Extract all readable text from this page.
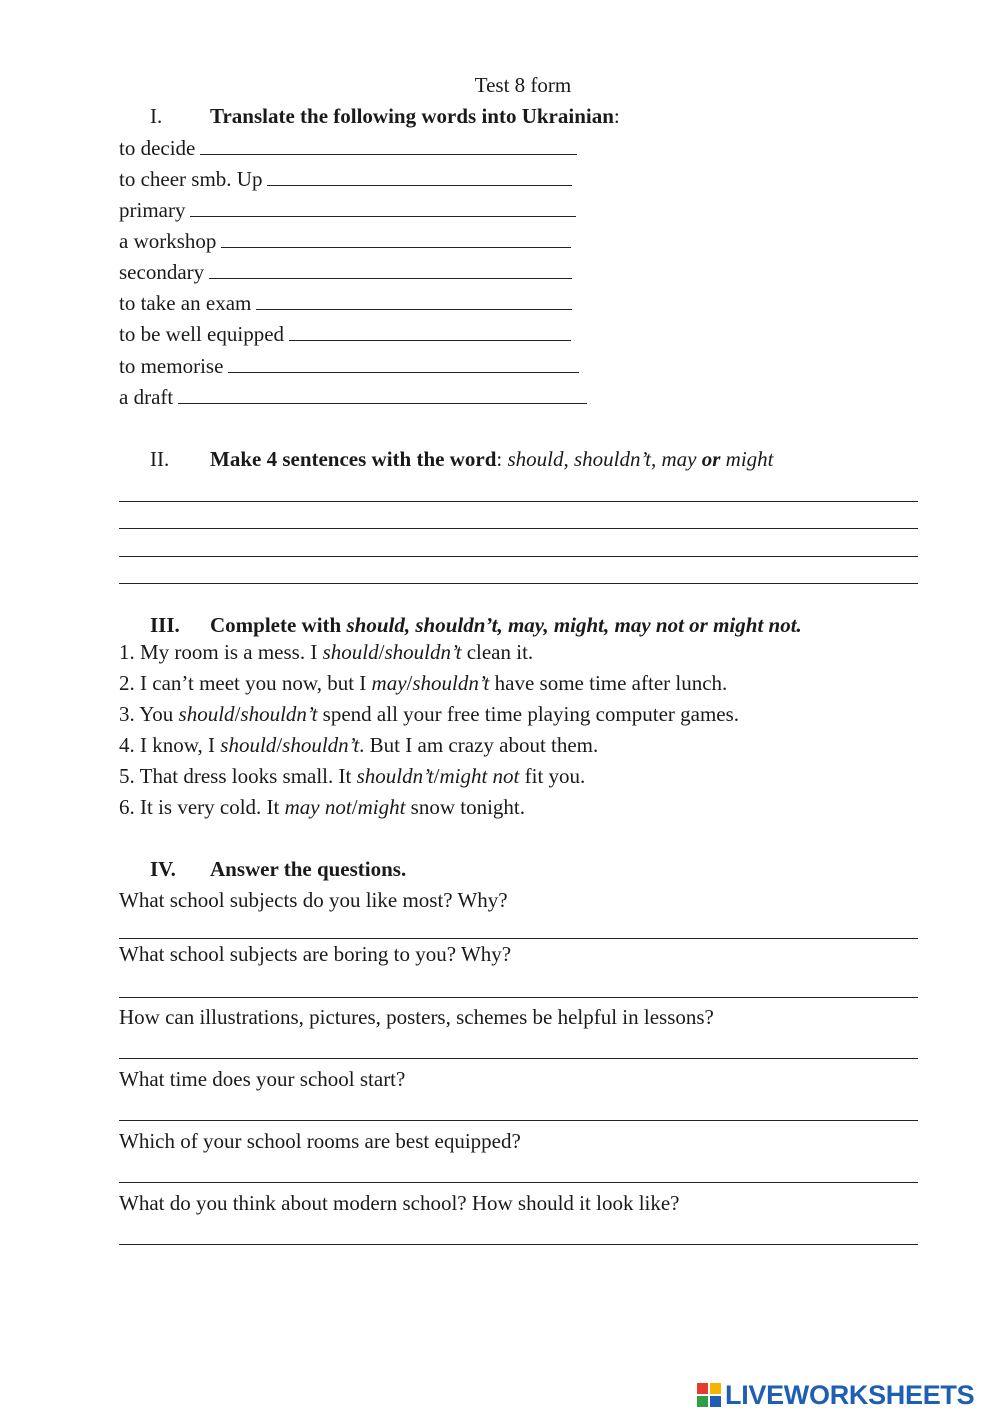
Test 8 form
I. Translate the following words into Ukrainian:
to decide
to cheer smb. Up
primary
a workshop
secondary
to take an exam
to be well equipped
to memorise
a draft
II. Make 4 sentences with the word: should, shouldn’t, may or might
III. Complete with should, shouldn’t, may, might, may not or might not.
1. My room is a mess. I should/shouldn’t clean it.
2. I can’t meet you now, but I may/shouldn’t have some time after lunch.
3. You should/shouldn’t spend all your free time playing computer games.
4. I know, I should/shouldn’t. But I am crazy about them.
5. That dress looks small. It shouldn’t/might not fit you.
6. It is very cold. It may not/might snow tonight.
IV. Answer the questions.
What school subjects do you like most? Why?
What school subjects are boring to you? Why?
How can illustrations, pictures, posters, schemes be helpful in lessons?
What time does your school start?
Which of your school rooms are best equipped?
What do you think about modern school? How should it look like?
LIVEWORKSHEETS
